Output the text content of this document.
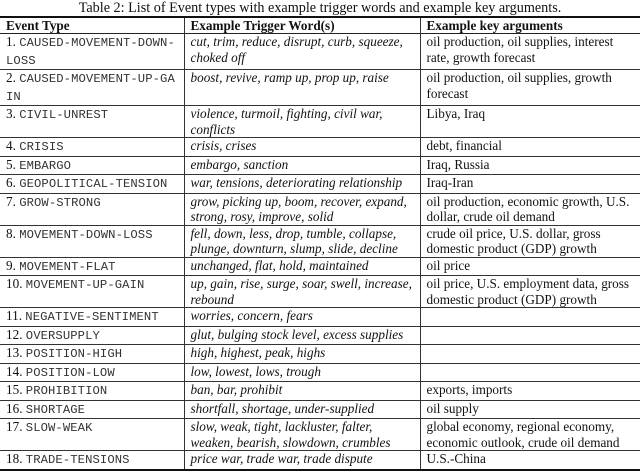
Table 2: List of Event types with example trigger words and example key arguments.
Event Type	Example Trigger Word(s)	Example key arguments
1. CAUSED-MOVEMENT-DOWN-LOSS	cut, trim, reduce, disrupt, curb, squeeze, choked off	oil production, oil supplies, interest rate, growth forecast
2. CAUSED-MOVEMENT-UP-GAIN	boost, revive, ramp up, prop up, raise	oil production, oil supplies, growth forecast
3. CIVIL-UNREST	violence, turmoil, fighting, civil war, conflicts	Libya, Iraq
4. CRISIS	crisis, crises	debt, financial
5. EMBARGO	embargo, sanction	Iraq, Russia
6. GEOPOLITICAL-TENSION	war, tensions, deteriorating relationship	Iraq-Iran
7. GROW-STRONG	grow, picking up, boom, recover, expand, strong, rosy, improve, solid	oil production, economic growth, U.S. dollar, crude oil demand
8. MOVEMENT-DOWN-LOSS	fell, down, less, drop, tumble, collapse, plunge, downturn, slump, slide, decline	crude oil price, U.S. dollar, gross domestic product (GDP) growth
9. MOVEMENT-FLAT	unchanged, flat, hold, maintained	oil price
10. MOVEMENT-UP-GAIN	up, gain, rise, surge, soar, swell, increase, rebound	oil price, U.S. employment data, gross domestic product (GDP) growth
11. NEGATIVE-SENTIMENT	worries, concern, fears	
12. OVERSUPPLY	glut, bulging stock level, excess supplies	
13. POSITION-HIGH	high, highest, peak, highs	
14. POSITION-LOW	low, lowest, lows, trough	
15. PROHIBITION	ban, bar, prohibit	exports, imports
16. SHORTAGE	shortfall, shortage, under-supplied	oil supply
17. SLOW-WEAK	slow, weak, tight, lackluster, falter, weaken, bearish, slowdown, crumbles	global economy, regional economy, economic outlook, crude oil demand
18. TRADE-TENSIONS	price war, trade war, trade dispute	U.S.-China
